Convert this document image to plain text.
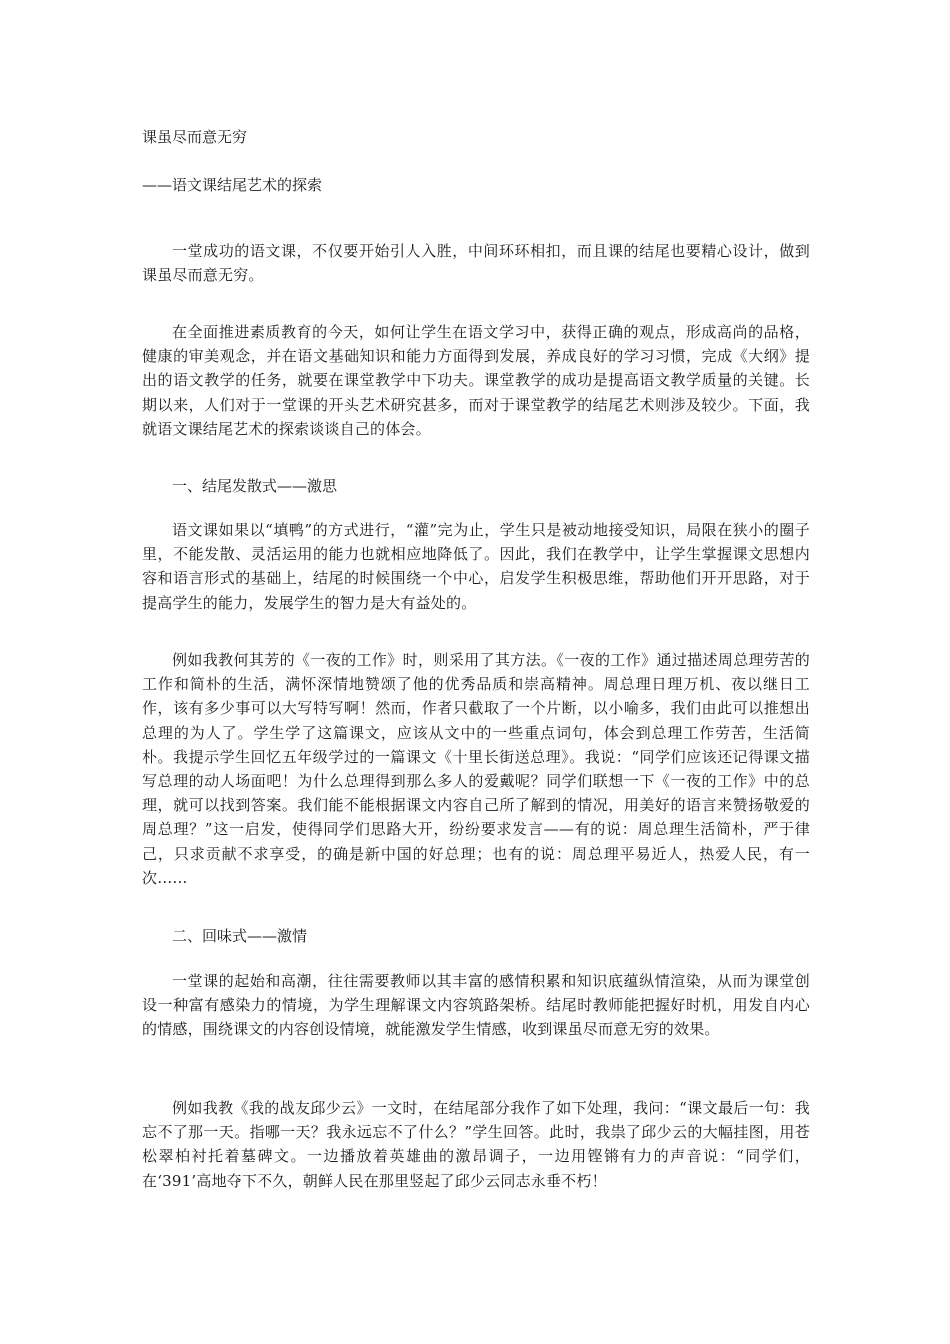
课虽尽而意无穷
——语文课结尾艺术的探索

一堂成功的语文课，不仅要开始引人入胜，中间环环相扣，而且课的结尾也要精心设计，做到课虽尽而意无穷。

在全面推进素质教育的今天，如何让学生在语文学习中，获得正确的观点，形成高尚的品格，健康的审美观念，并在语文基础知识和能力方面得到发展，养成良好的学习习惯，完成《大纲》提出的语文教学的任务，就要在课堂教学中下功夫。课堂教学的成功是提高语文教学质量的关键。长期以来，人们对于一堂课的开头艺术研究甚多，而对于课堂教学的结尾艺术则涉及较少。下面，我就语文课结尾艺术的探索谈谈自己的体会。

一、结尾发散式——激思

语文课如果以“填鸭”的方式进行，“灌”完为止，学生只是被动地接受知识，局限在狭小的圈子里，不能发散、灵活运用的能力也就相应地降低了。因此，我们在教学中，让学生掌握课文思想内容和语言形式的基础上，结尾的时候围绕一个中心，启发学生积极思维，帮助他们开开思路，对于提高学生的能力，发展学生的智力是大有益处的。

例如我教何其芳的《一夜的工作》时，则采用了其方法。《一夜的工作》通过描述周总理劳苦的工作和简朴的生活，满怀深情地赞颂了他的优秀品质和崇高精神。周总理日理万机、夜以继日工作，该有多少事可以大写特写啊！然而，作者只截取了一个片断，以小喻多，我们由此可以推想出总理的为人了。学生学了这篇课文，应该从文中的一些重点词句，体会到总理工作劳苦，生活简朴。我提示学生回忆五年级学过的一篇课文《十里长街送总理》。我说：“同学们应该还记得课文描写总理的动人场面吧！为什么总理得到那么多人的爱戴呢？同学们联想一下《一夜的工作》中的总理，就可以找到答案。我们能不能根据课文内容自己所了解到的情况，用美好的语言来赞扬敬爱的周总理？”这一启发，使得同学们思路大开，纷纷要求发言——有的说：周总理生活简朴，严于律己，只求贡献不求享受，的确是新中国的好总理；也有的说：周总理平易近人，热爱人民，有一次……

二、回味式——激情

一堂课的起始和高潮，往往需要教师以其丰富的感情积累和知识底蕴纵情渲染，从而为课堂创设一种富有感染力的情境，为学生理解课文内容筑路架桥。结尾时教师能把握好时机，用发自内心的情感，围绕课文的内容创设情境，就能激发学生情感，收到课虽尽而意无穷的效果。

例如我教《我的战友邱少云》一文时，在结尾部分我作了如下处理，我问：“课文最后一句：我忘不了那一天。指哪一天？我永远忘不了什么？”学生回答。此时，我祟了邱少云的大幅挂图，用苍松翠柏衬托着墓碑文。一边播放着英雄曲的激昂调子，一边用铿锵有力的声音说：“同学们，在‘391’高地夺下不久，朝鲜人民在那里竖起了邱少云同志永垂不朽！
